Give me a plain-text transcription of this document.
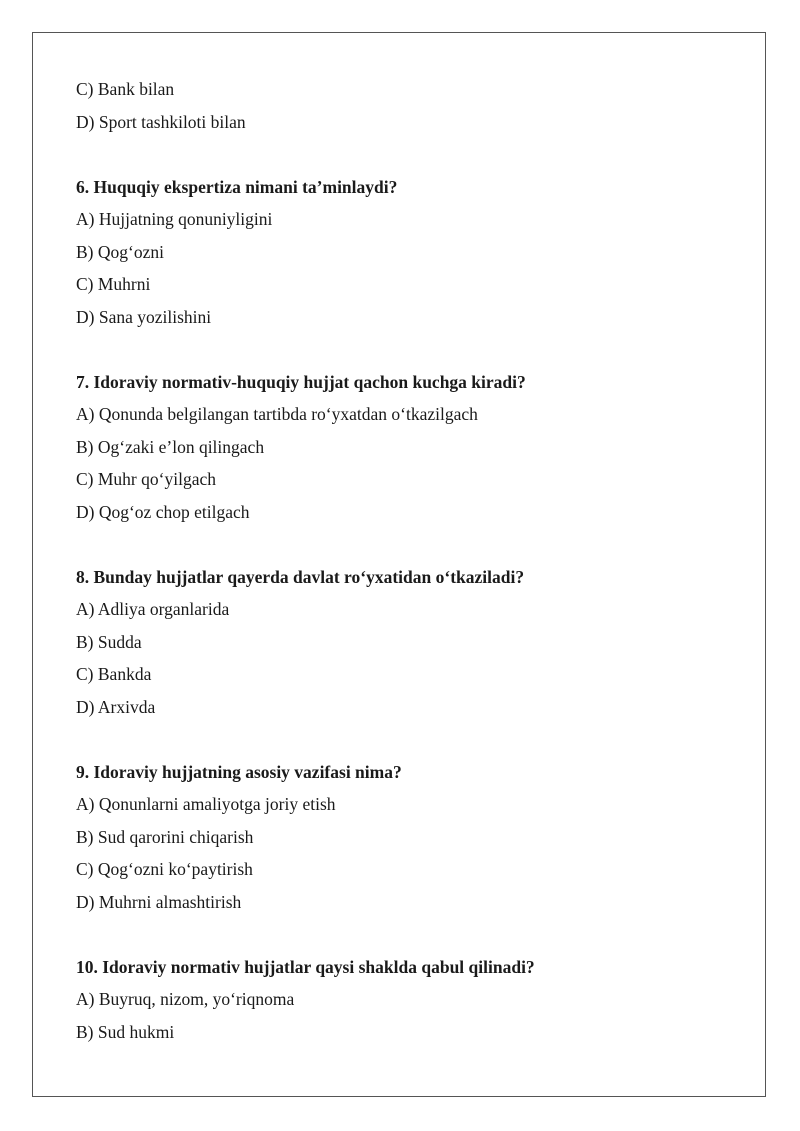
C) Bank bilan
D) Sport tashkiloti bilan
6. Huquqiy ekspertiza nimani ta’minlaydi?
A) Hujjatning qonuniyligini
B) Qog‘ozni
C) Muhrni
D) Sana yozilishini
7. Idoraviy normativ-huquqiy hujjat qachon kuchga kiradi?
A) Qonunda belgilangan tartibda ro‘yxatdan o‘tkazilgach
B) Og‘zaki e’lon qilingach
C) Muhr qo‘yilgach
D) Qog‘oz chop etilgach
8. Bunday hujjatlar qayerda davlat ro‘yxatidan o‘tkaziladi?
A) Adliya organlarida
B) Sudda
C) Bankda
D) Arxivda
9. Idoraviy hujjatning asosiy vazifasi nima?
A) Qonunlarni amaliyotga joriy etish
B) Sud qarorini chiqarish
C) Qog‘ozni ko‘paytirish
D) Muhrni almashtirish
10. Idoraviy normativ hujjatlar qaysi shaklda qabul qilinadi?
A) Buyruq, nizom, yo‘riqnoma
B) Sud hukmi
